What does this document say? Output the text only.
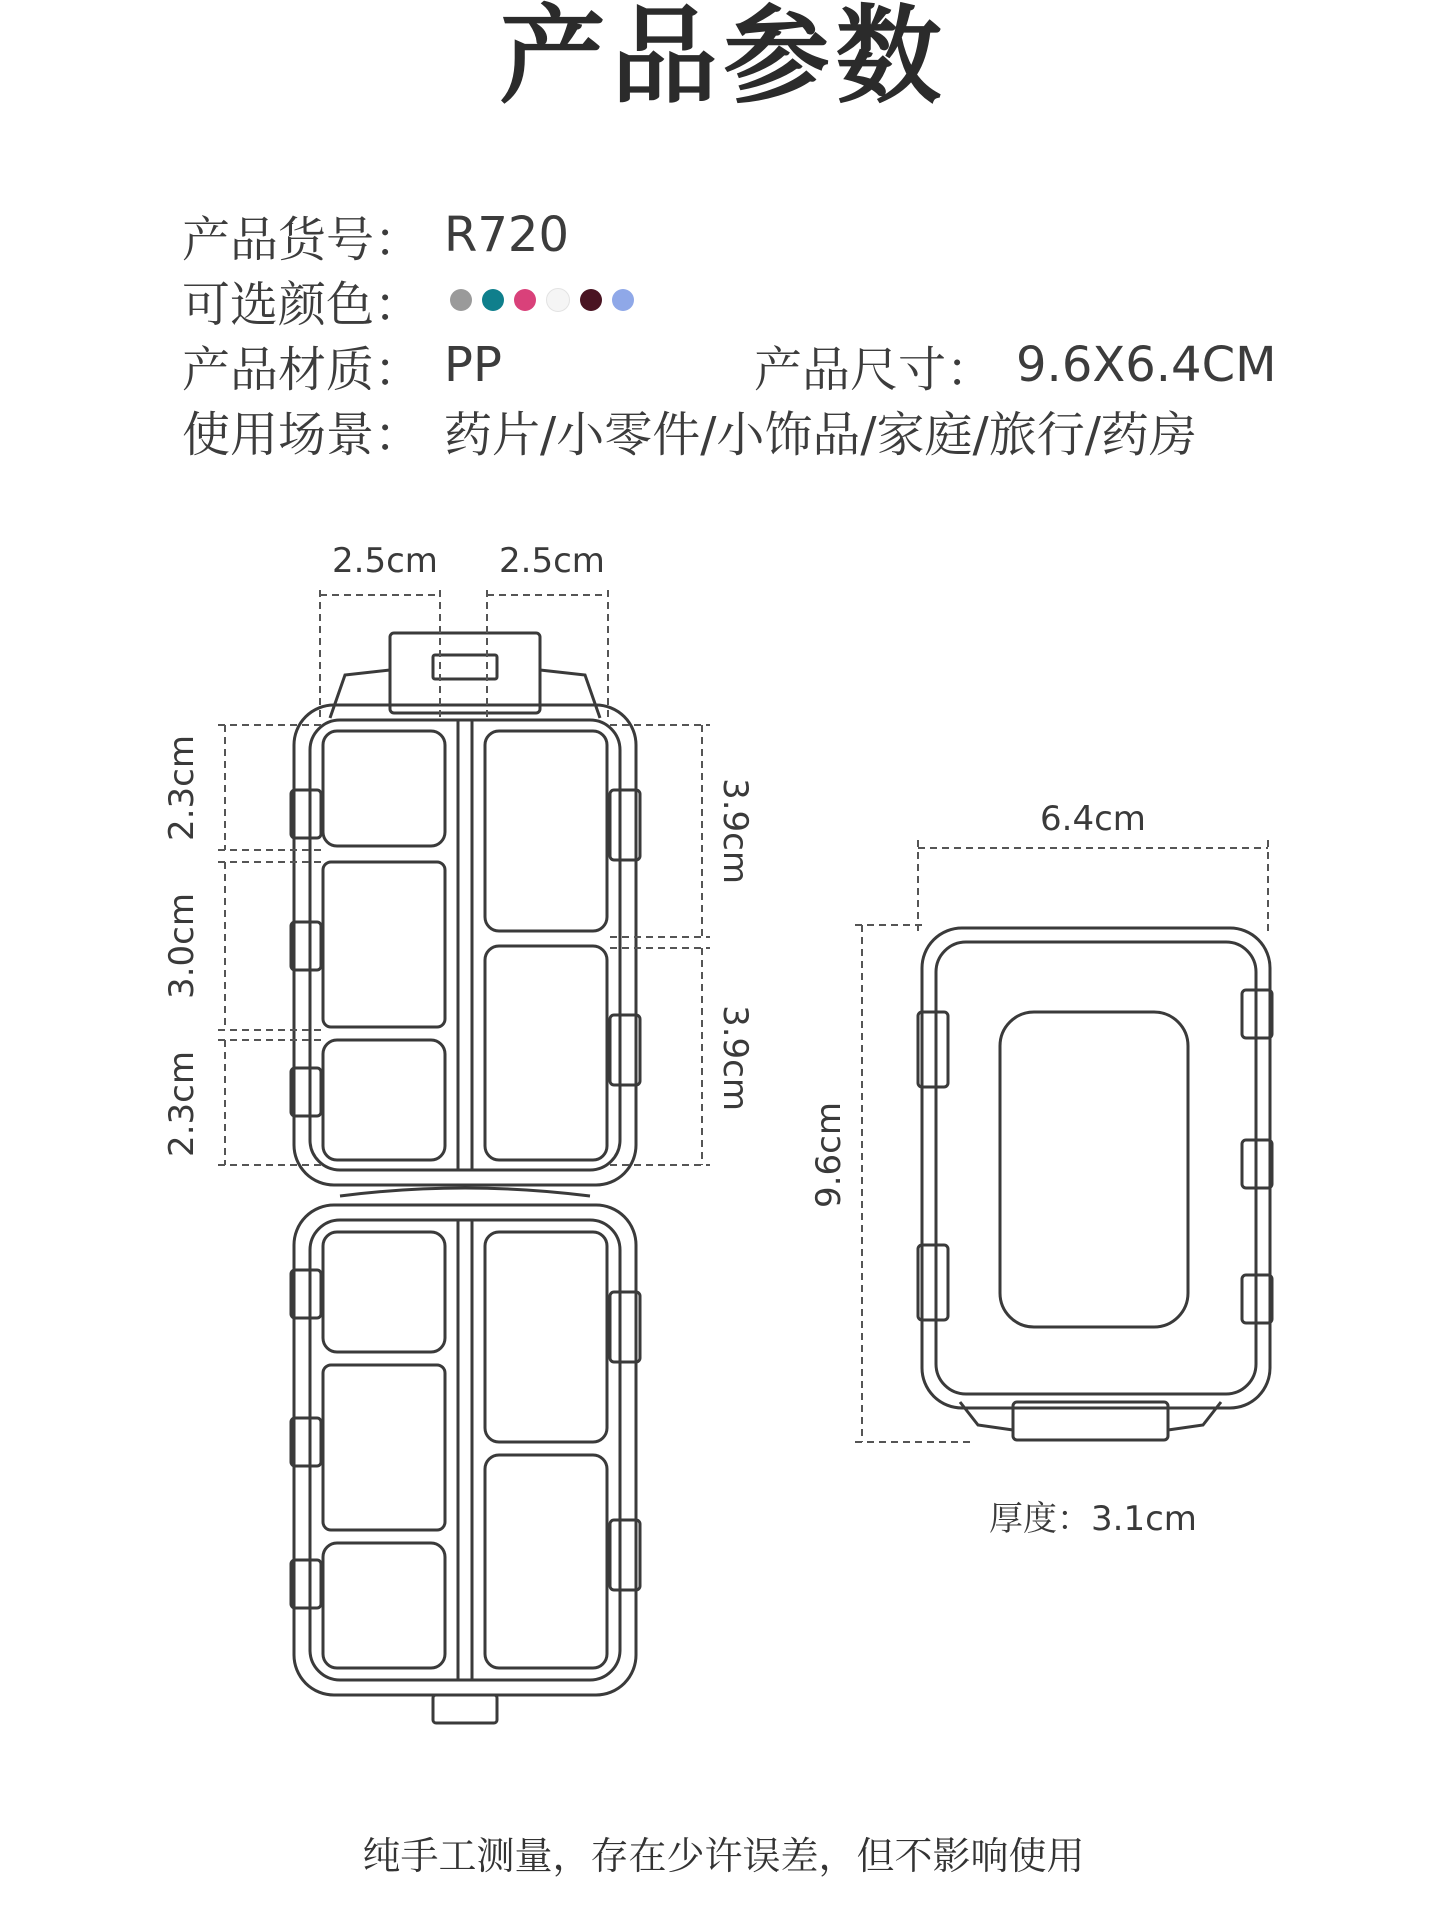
产品参数
产品货号： R720
可选颜色：
产品材质： PP	产品尺寸： 9.6X6.4CM
使用场景： 药片/小零件/小饰品/家庭/旅行/药房
2.5cm 2.5cm
2.3cm
3.0cm
2.3cm
3.9cm
3.9cm
6.4cm
9.6cm
厚度：3.1cm
纯手工测量，存在少许误差，但不影响使用
